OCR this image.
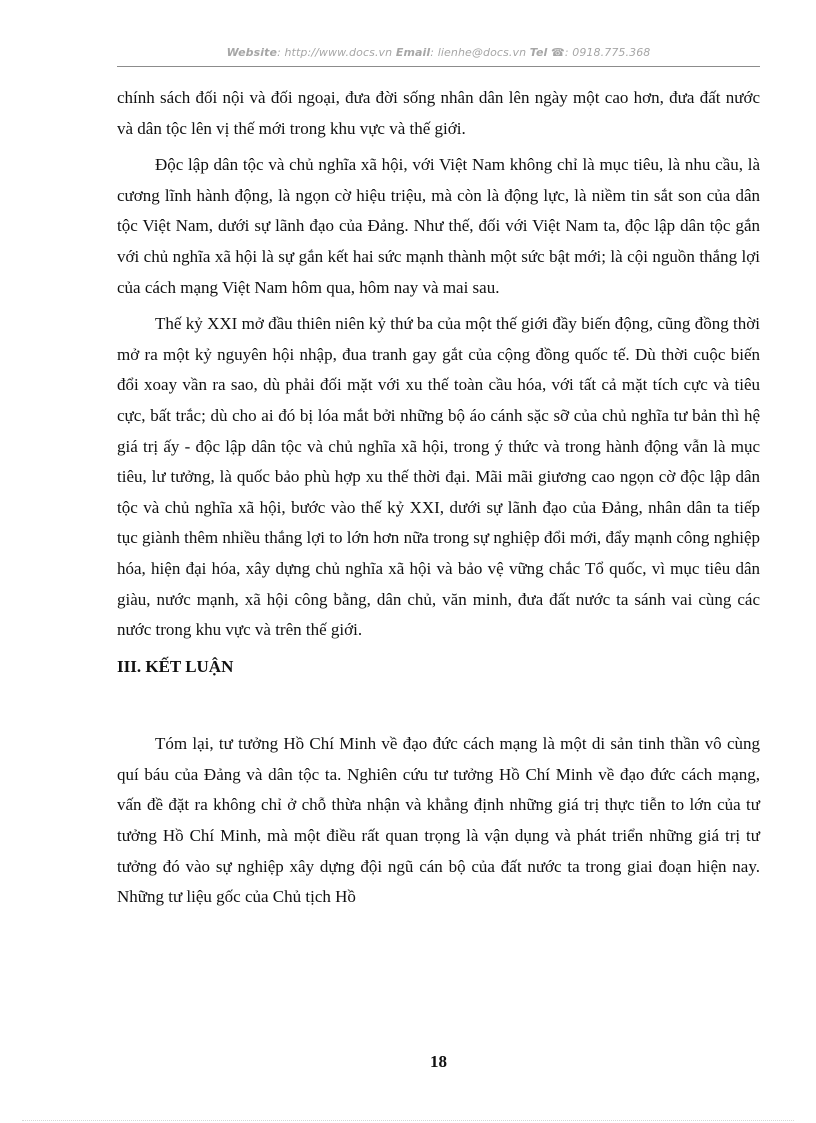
Website: http://www.docs.vn Email: lienhe@docs.vn Tel ☎: 0918.775.368

chính sách đối nội và đối ngoại, đưa đời sống nhân dân lên ngày một cao hơn, đưa đất nước và dân tộc lên vị thế mới trong khu vực và thế giới.

Độc lập dân tộc và chủ nghĩa xã hội, với Việt Nam không chỉ là mục tiêu, là nhu cầu, là cương lĩnh hành động, là ngọn cờ hiệu triệu, mà còn là động lực, là niềm tin sắt son của dân tộc Việt Nam, dưới sự lãnh đạo của Đảng. Như thế, đối với Việt Nam ta, độc lập dân tộc gắn với chủ nghĩa xã hội là sự gắn kết hai sức mạnh thành một sức bật mới; là cội nguồn thắng lợi của cách mạng Việt Nam hôm qua, hôm nay và mai sau.

Thế kỷ XXI mở đầu thiên niên kỷ thứ ba của một thế giới đầy biến động, cũng đồng thời mở ra một kỷ nguyên hội nhập, đua tranh gay gắt của cộng đồng quốc tế. Dù thời cuộc biến đổi xoay vần ra sao, dù phải đối mặt với xu thế toàn cầu hóa, với tất cả mặt tích cực và tiêu cực, bất trắc; dù cho ai đó bị lóa mắt bởi những bộ áo cánh sặc sỡ của chủ nghĩa tư bản thì hệ giá trị ấy - độc lập dân tộc và chủ nghĩa xã hội, trong ý thức và trong hành động vẫn là mục tiêu, lư tưởng, là quốc bảo phù hợp xu thế thời đại. Mãi mãi giương cao ngọn cờ độc lập dân tộc và chủ nghĩa xã hội, bước vào thế kỷ XXI, dưới sự lãnh đạo của Đảng, nhân dân ta tiếp tục giành thêm nhiều thắng lợi to lớn hơn nữa trong sự nghiệp đổi mới, đẩy mạnh công nghiệp hóa, hiện đại hóa, xây dựng chủ nghĩa xã hội và bảo vệ vững chắc Tổ quốc, vì mục tiêu dân giàu, nước mạnh, xã hội công bằng, dân chủ, văn minh, đưa đất nước ta sánh vai cùng các nước trong khu vực và trên thế giới.

III. KẾT LUẬN

Tóm lại, tư tưởng Hồ Chí Minh về đạo đức cách mạng là một di sản tinh thần vô cùng quí báu của Đảng và dân tộc ta. Nghiên cứu tư tưởng Hồ Chí Minh về đạo đức cách mạng, vấn đề đặt ra không chỉ ở chỗ thừa nhận và khẳng định những giá trị thực tiễn to lớn của tư tưởng Hồ Chí Minh, mà một điều rất quan trọng là vận dụng và phát triển những giá trị tư tưởng đó vào sự nghiệp xây dựng đội ngũ cán bộ của đất nước ta trong giai đoạn hiện nay. Những tư liệu gốc của Chủ tịch Hồ

18
